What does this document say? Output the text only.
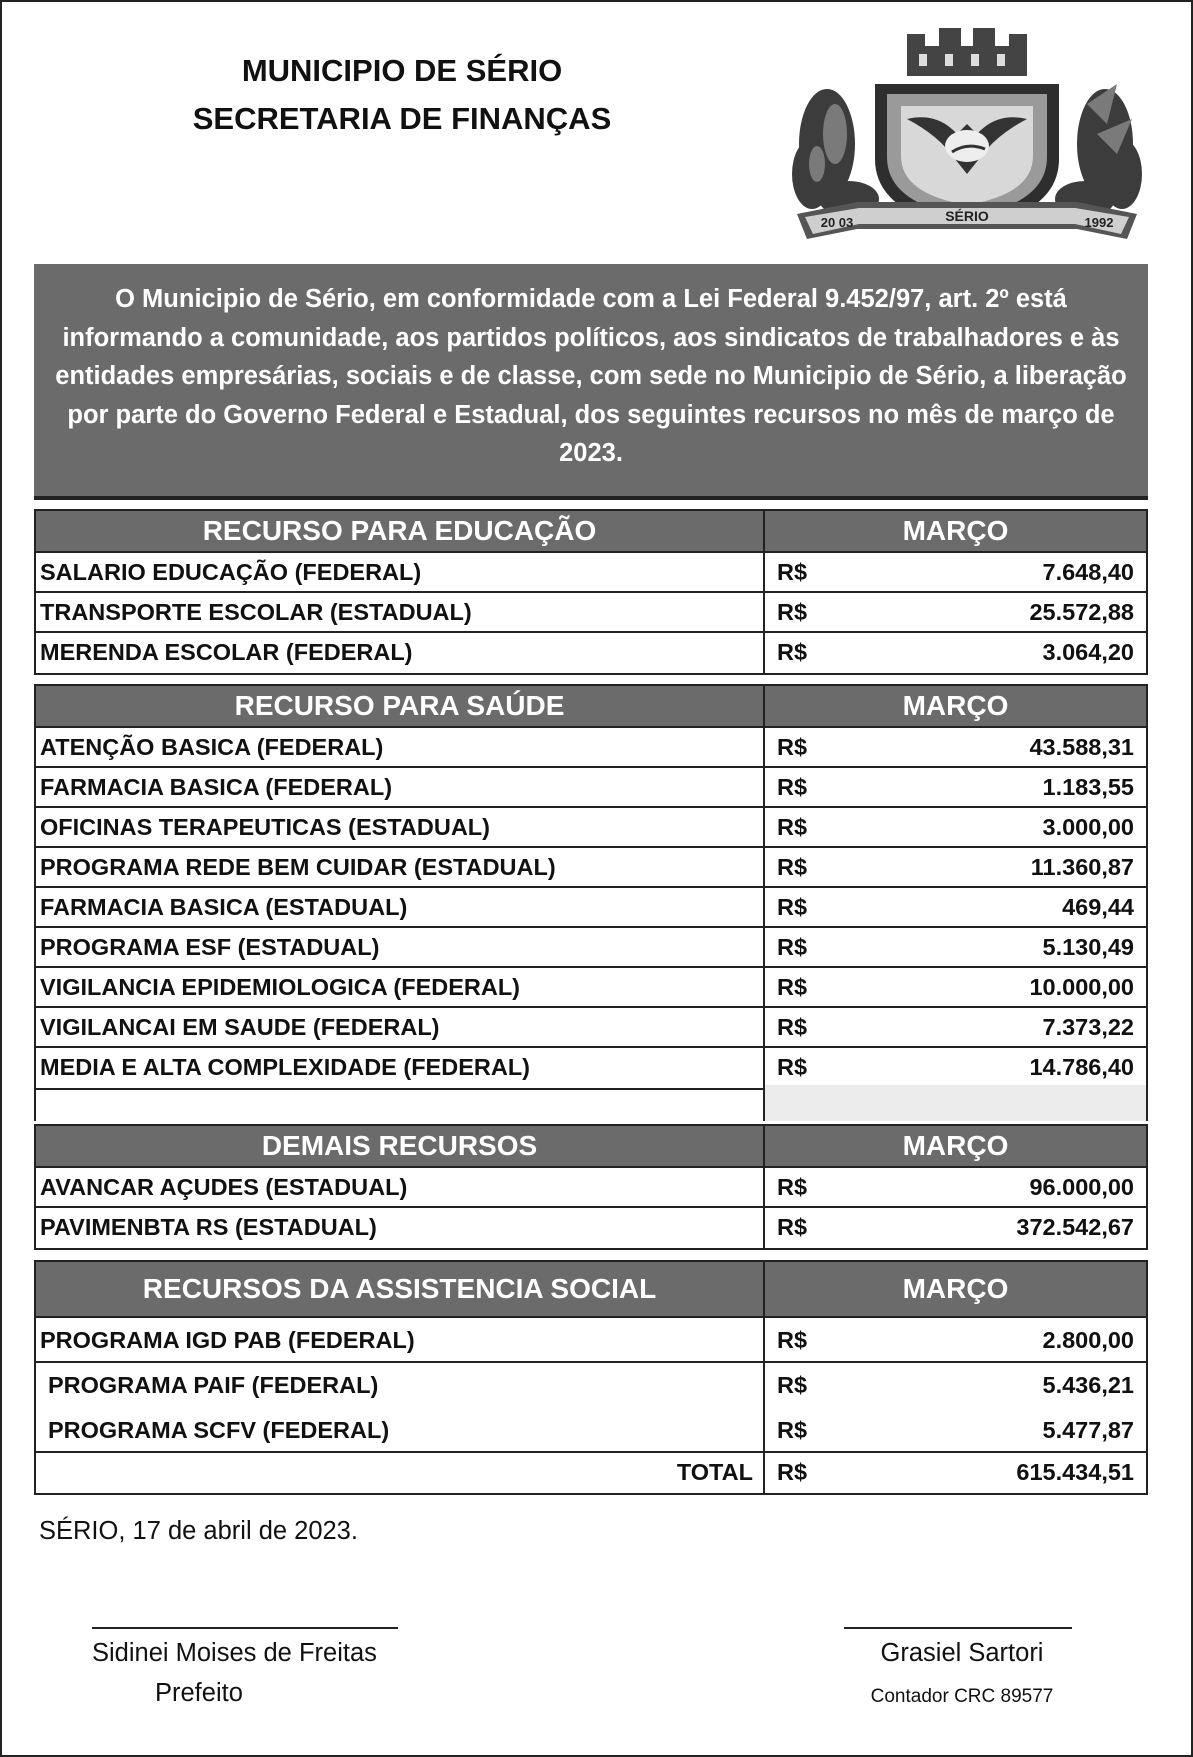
MUNICIPIO DE SÉRIO
SECRETARIA DE FINANÇAS
20 03	SÉRIO	1992
O Municipio de Sério, em conformidade com a Lei Federal 9.452/97, art. 2º está informando a comunidade, aos partidos políticos, aos sindicatos de trabalhadores e às entidades empresárias, sociais e de classe, com sede no Municipio de Sério, a liberação por parte do Governo Federal e Estadual, dos seguintes recursos no mês de março de 2023.
RECURSO PARA EDUCAÇÃO	MARÇO
SALARIO EDUCAÇÃO (FEDERAL)	R$	7.648,40
TRANSPORTE ESCOLAR (ESTADUAL)	R$	25.572,88
MERENDA ESCOLAR (FEDERAL)	R$	3.064,20
RECURSO PARA SAÚDE	MARÇO
ATENÇÃO BASICA (FEDERAL)	R$	43.588,31
FARMACIA BASICA (FEDERAL)	R$	1.183,55
OFICINAS TERAPEUTICAS (ESTADUAL)	R$	3.000,00
PROGRAMA REDE BEM CUIDAR (ESTADUAL)	R$	11.360,87
FARMACIA BASICA (ESTADUAL)	R$	469,44
PROGRAMA ESF (ESTADUAL)	R$	5.130,49
VIGILANCIA EPIDEMIOLOGICA (FEDERAL)	R$	10.000,00
VIGILANCAI EM SAUDE (FEDERAL)	R$	7.373,22
MEDIA E ALTA COMPLEXIDADE (FEDERAL)	R$	14.786,40
DEMAIS RECURSOS	MARÇO
AVANCAR AÇUDES (ESTADUAL)	R$	96.000,00
PAVIMENBTA RS (ESTADUAL)	R$	372.542,67
RECURSOS DA ASSISTENCIA SOCIAL	MARÇO
PROGRAMA IGD PAB (FEDERAL)	R$	2.800,00
PROGRAMA PAIF (FEDERAL)	R$	5.436,21
PROGRAMA SCFV (FEDERAL)	R$	5.477,87
TOTAL	R$	615.434,51
SÉRIO, 17 de abril de 2023.
Sidinei Moises de Freitas
Prefeito
Grasiel Sartori
Contador CRC 89577
